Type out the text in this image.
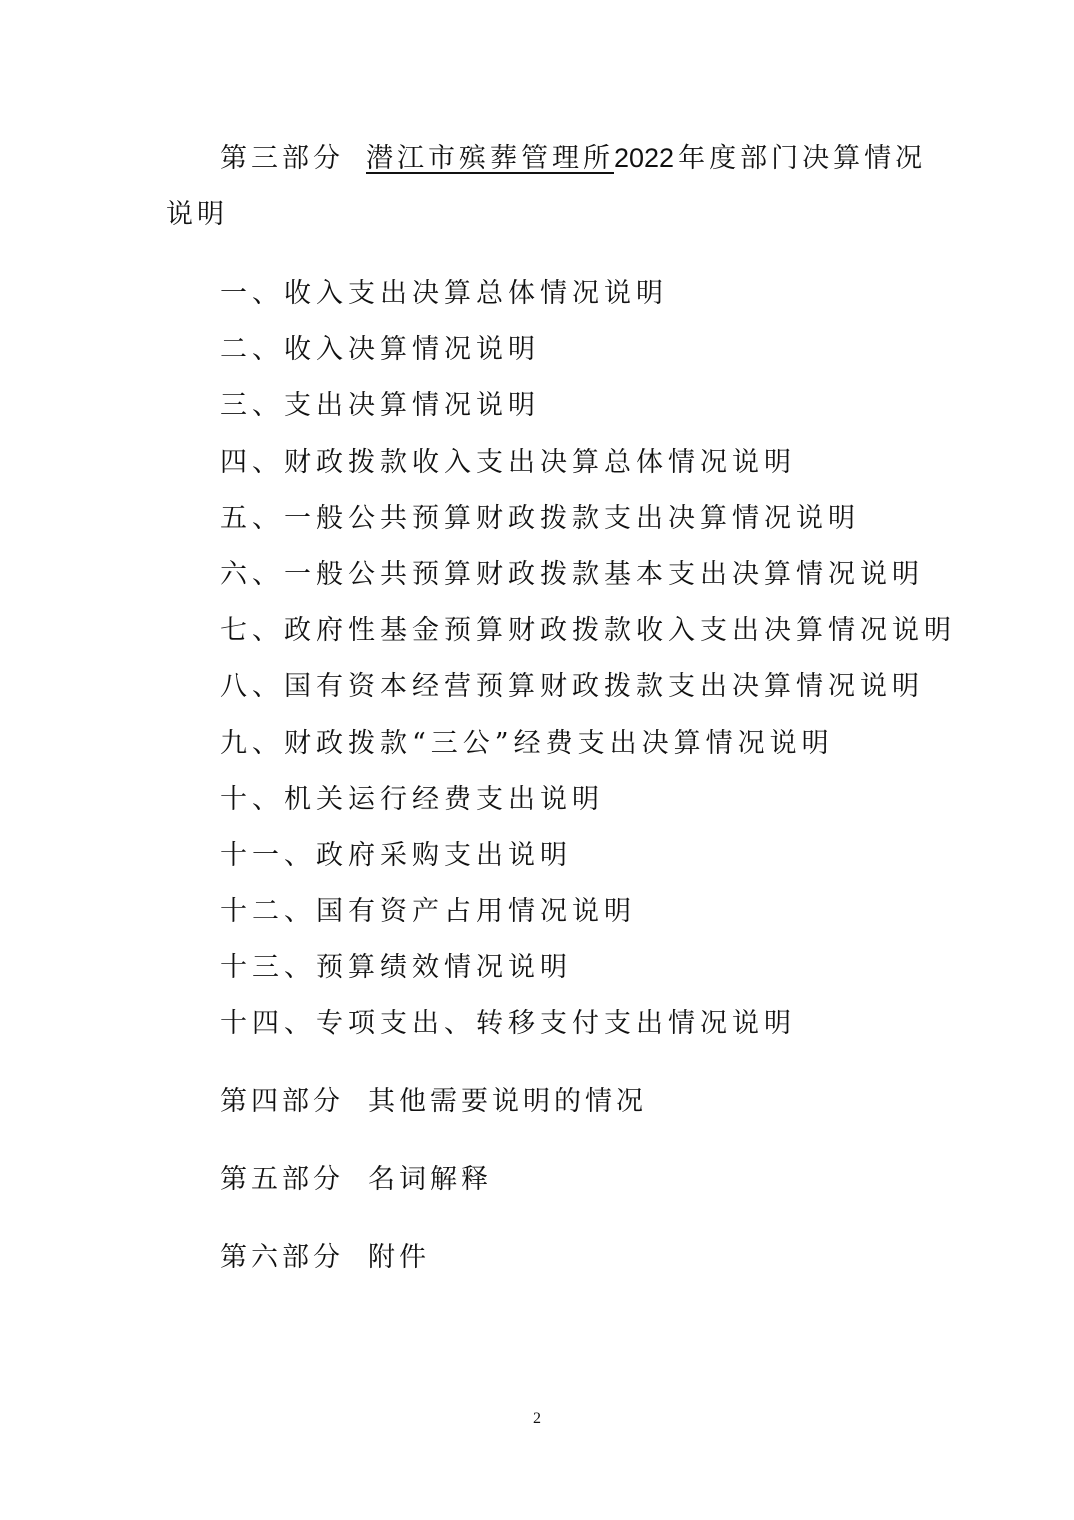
第三部分 潜江市殡葬管理所2022 年度部门决算情况
说明
一、收入支出决算总体情况说明
二、收入决算情况说明
三、支出决算情况说明
四、财政拨款收入支出决算总体情况说明
五、一般公共预算财政拨款支出决算情况说明
六、一般公共预算财政拨款基本支出决算情况说明
七、政府性基金预算财政拨款收入支出决算情况说明
八、国有资本经营预算财政拨款支出决算情况说明
九、财政拨款“三公”经费支出决算情况说明
十、机关运行经费支出说明
十一、政府采购支出说明
十二、国有资产占用情况说明
十三、预算绩效情况说明
十四、专项支出、转移支付支出情况说明
第四部分 其他需要说明的情况
第五部分 名词解释
第六部分 附件
2
